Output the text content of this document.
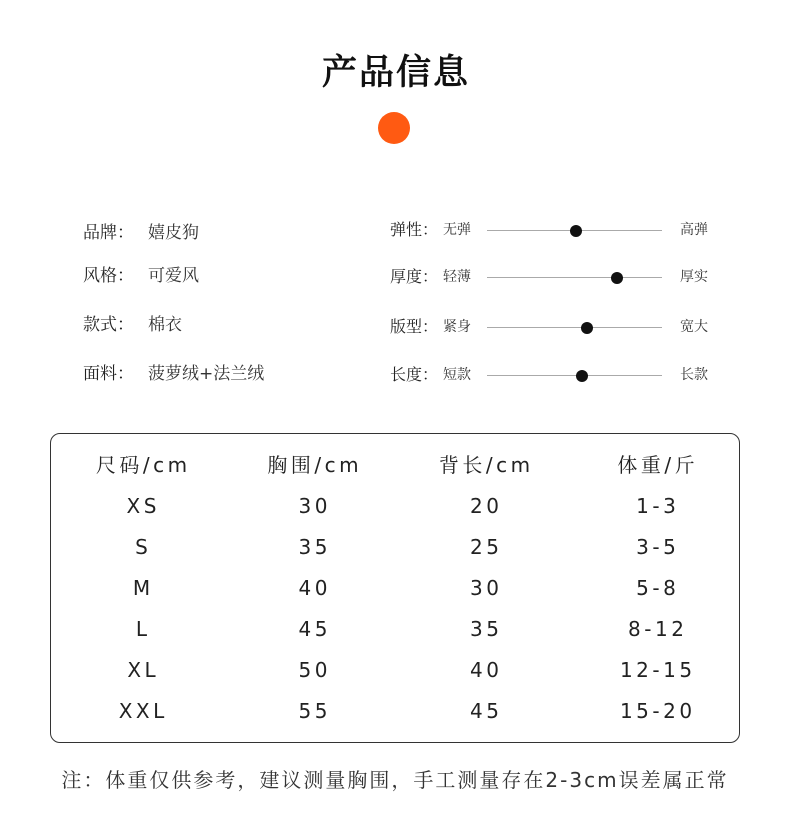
产品信息
品牌： 嬉皮狗
风格： 可爱风
款式： 棉衣
面料： 菠萝绒+法兰绒
弹性： 无弹	高弹
厚度： 轻薄	厚实
版型： 紧身	宽大
长度： 短款	长款
尺码/cm	胸围/cm	背长/cm	体重/斤
XS	30	20	1-3
S	35	25	3-5
M	40	30	5-8
L	45	35	8-12
XL	50	40	12-15
XXL	55	45	15-20
注：体重仅供参考，建议测量胸围，手工测量存在2-3cm误差属正常
